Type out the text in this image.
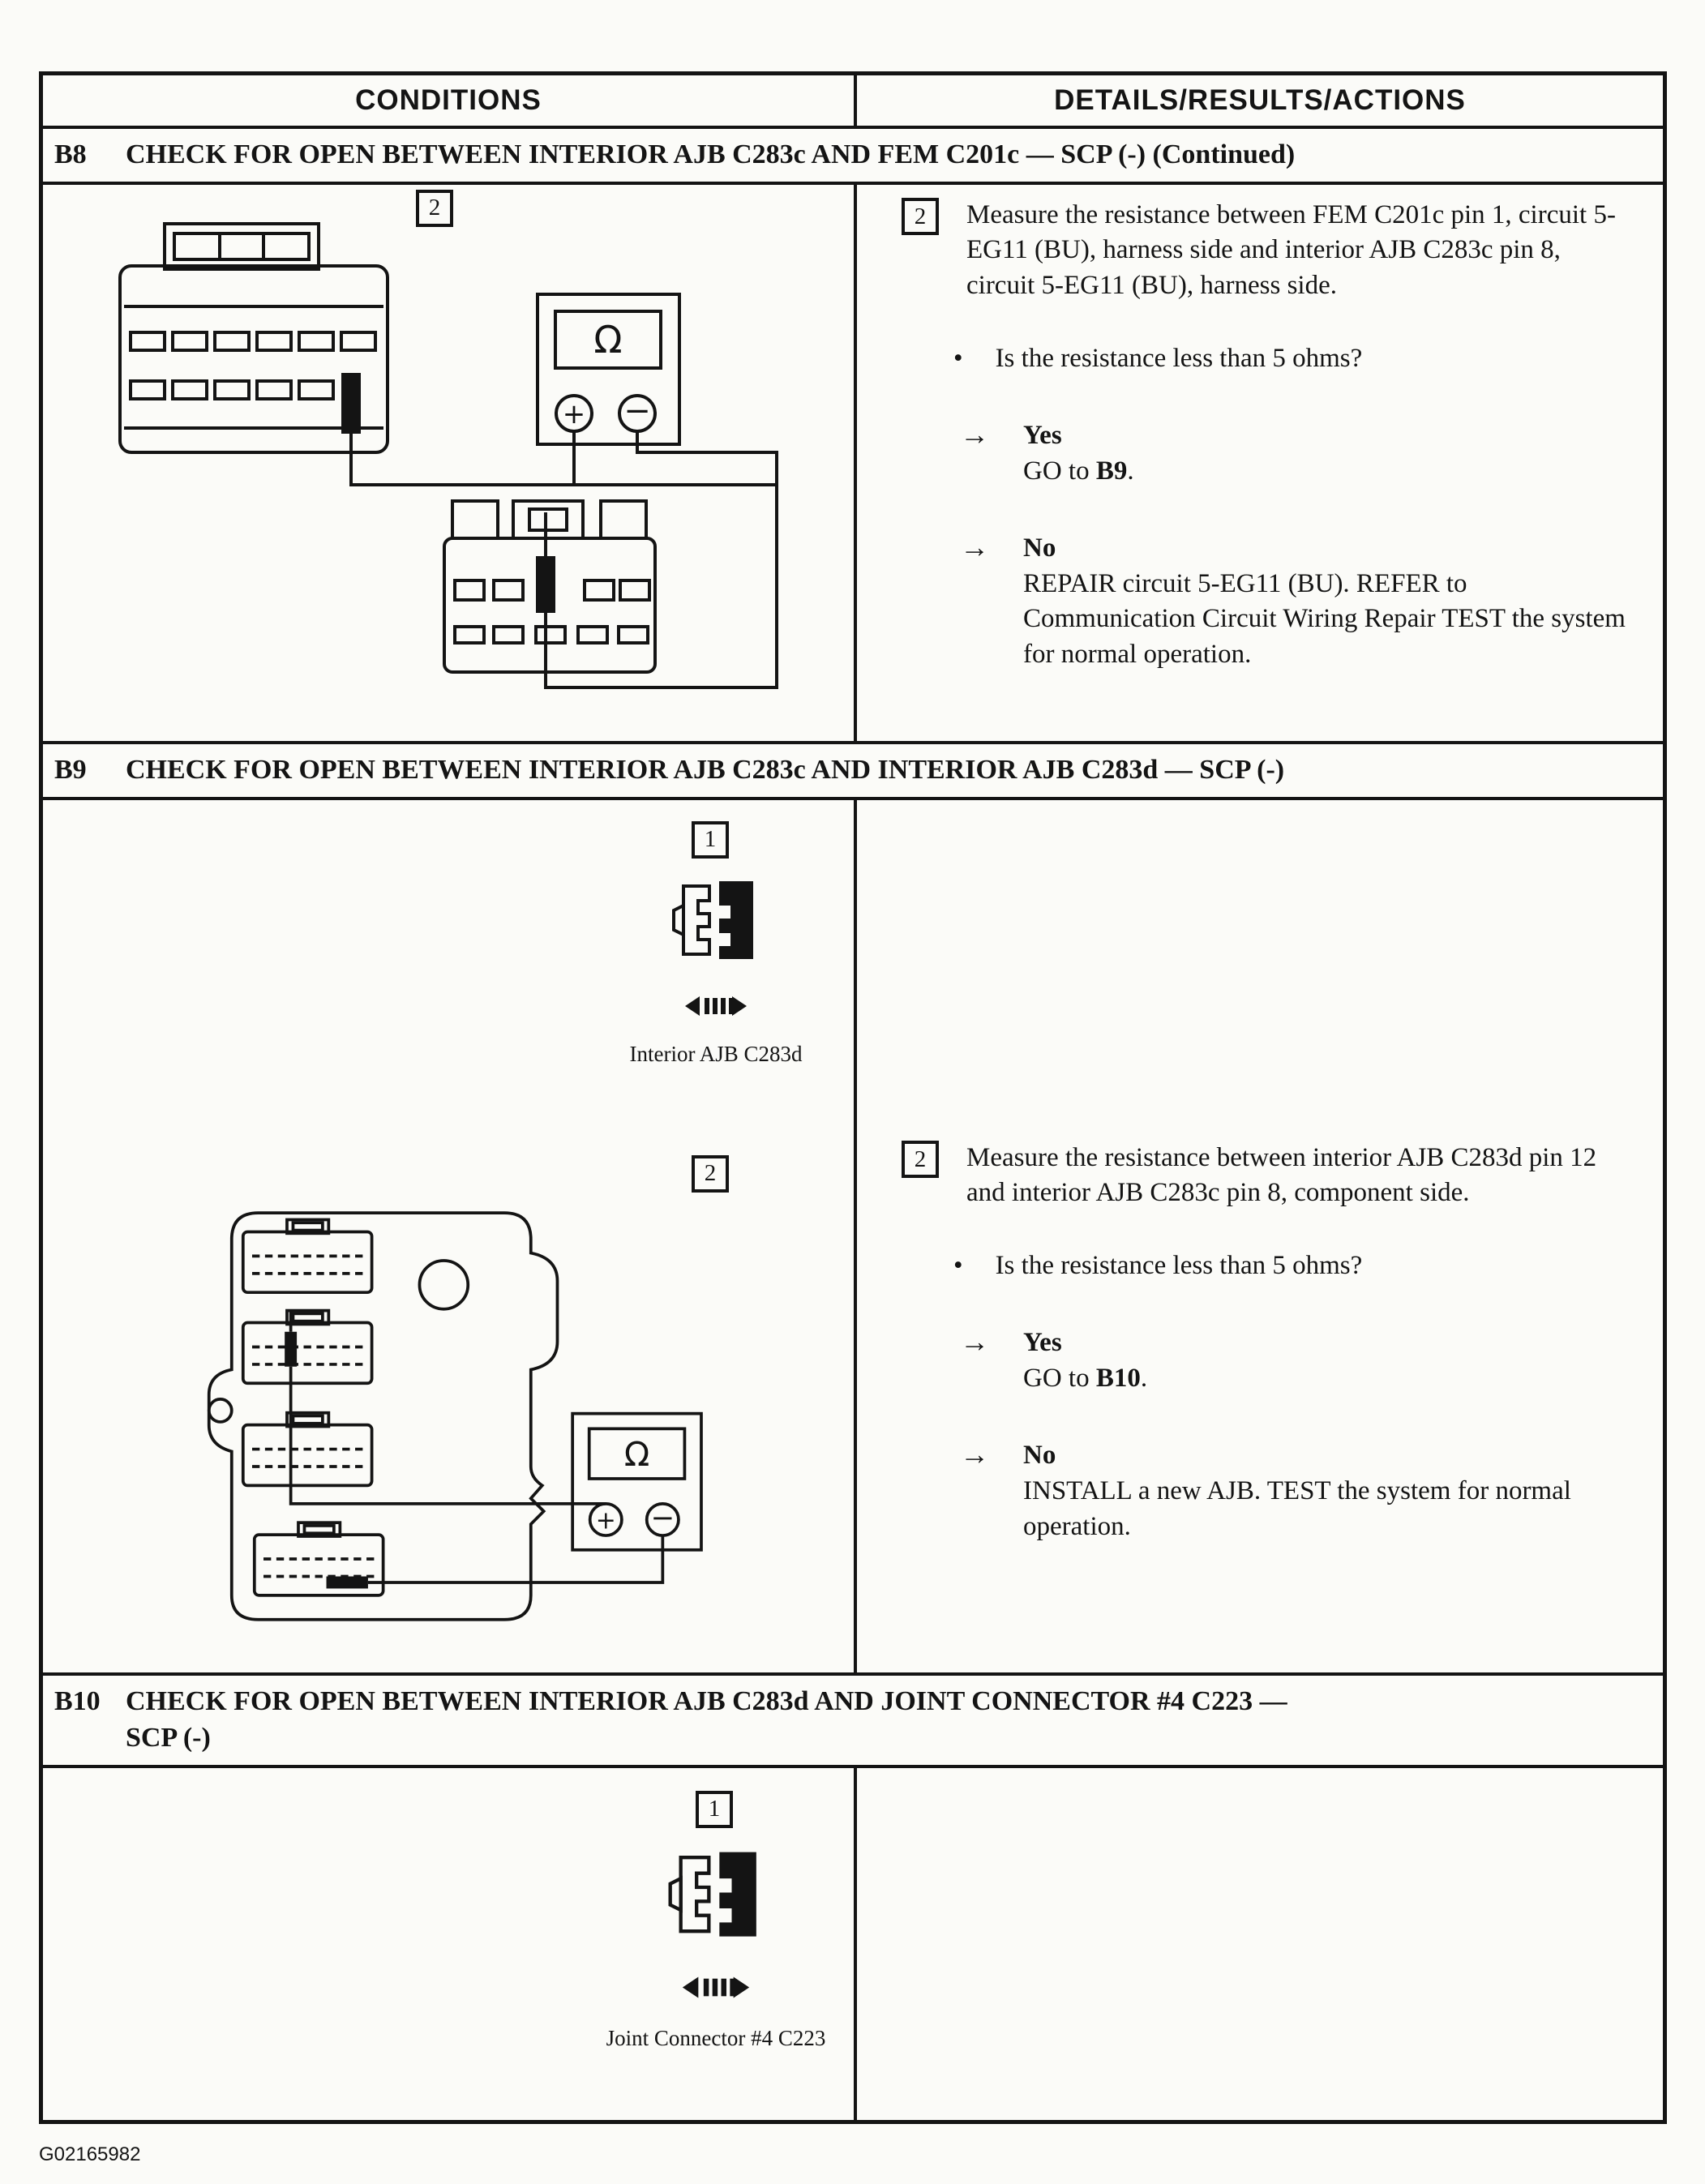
CONDITIONS	DETAILS/RESULTS/ACTIONS
B8 CHECK FOR OPEN BETWEEN INTERIOR AJB C283c AND FEM C201c — SCP (-) (Continued)
2
Ω
+ −
2 Measure the resistance between FEM C201c pin 1, circuit 5-EG11 (BU), harness side and interior AJB C283c pin 8, circuit 5-EG11 (BU), harness side.

• Is the resistance less than 5 ohms?
→ Yes
GO to B9.
→ No
REPAIR circuit 5-EG11 (BU). REFER to Communication Circuit Wiring Repair TEST the system for normal operation.
B9 CHECK FOR OPEN BETWEEN INTERIOR AJB C283c AND INTERIOR AJB C283d — SCP (-)
1
Interior AJB C283d
2
Ω
+ −
2 Measure the resistance between interior AJB C283d pin 12 and interior AJB C283c pin 8, component side.

• Is the resistance less than 5 ohms?
→ Yes
GO to B10.
→ No
INSTALL a new AJB. TEST the system for normal operation.
B10 CHECK FOR OPEN BETWEEN INTERIOR AJB C283d AND JOINT CONNECTOR #4 C223 —
SCP (-)
1
Joint Connector #4 C223
G02165982
